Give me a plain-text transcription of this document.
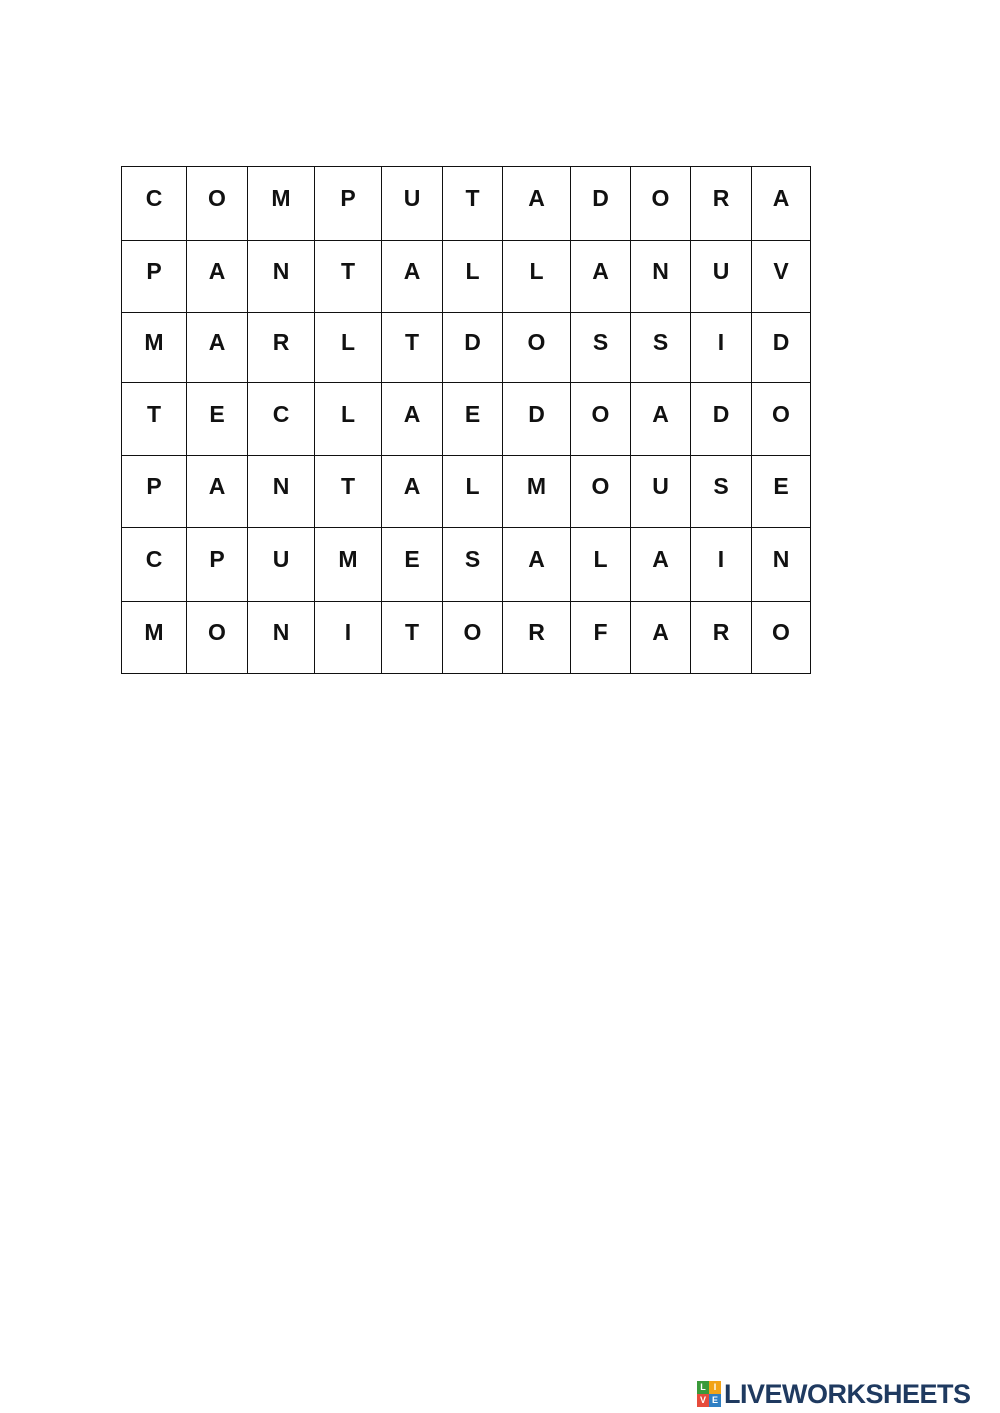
C	O	M	P	U	T	A	D	O	R	A
P	A	N	T	A	L	L	A	N	U	V
M	A	R	L	T	D	O	S	S	I	D
T	E	C	L	A	E	D	O	A	D	O
P	A	N	T	A	L	M	O	U	S	E
C	P	U	M	E	S	A	L	A	I	N
M	O	N	I	T	O	R	F	A	R	O
L I
V E LIVEWORKSHEETS
